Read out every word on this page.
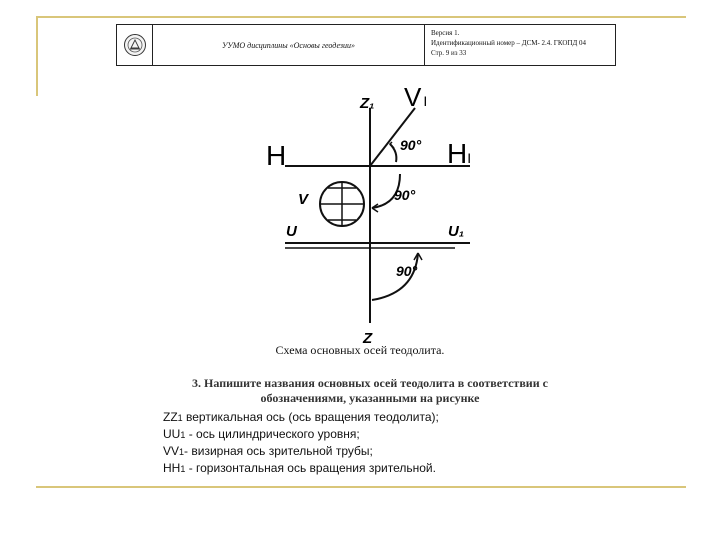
УУМО дисциплины «Основы геодезии»
Версия 1.
Идентификационный номер – ДСМ- 2.4. ГКОПД 04
Стр. 9 из 33
V I
Z₁
H	HI
90°
V	90°
U	U₁
90°
Z
Схема основных осей теодолита.
3. Напишите названия основных осей теодолита в соответствии с обозначениями, указанными на рисунке
ZZ1 вертикальная ось (ось вращения теодолита);
UU1 - ось цилиндрического уровня;
VV1- визирная ось зрительной трубы;
HH1 - горизонтальная ось вращения зрительной.
